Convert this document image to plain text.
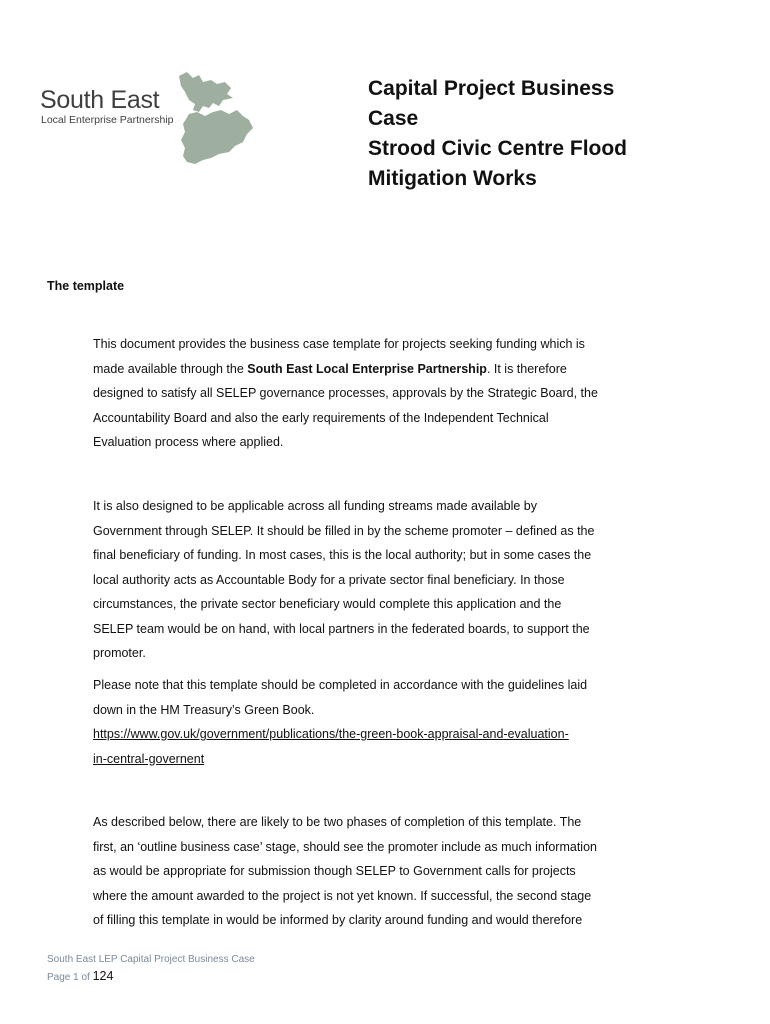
South East
Local Enterprise Partnership
Capital Project Business
Case
Strood Civic Centre Flood
Mitigation Works
The template
This document provides the business case template for projects seeking funding which is
made available through the South East Local Enterprise Partnership. It is therefore
designed to satisfy all SELEP governance processes, approvals by the Strategic Board, the
Accountability Board and also the early requirements of the Independent Technical
Evaluation process where applied.
It is also designed to be applicable across all funding streams made available by
Government through SELEP. It should be filled in by the scheme promoter – defined as the
final beneficiary of funding. In most cases, this is the local authority; but in some cases the
local authority acts as Accountable Body for a private sector final beneficiary. In those
circumstances, the private sector beneficiary would complete this application and the
SELEP team would be on hand, with local partners in the federated boards, to support the
promoter.
Please note that this template should be completed in accordance with the guidelines laid
down in the HM Treasury’s Green Book.
https://www.gov.uk/government/publications/the-green-book-appraisal-and-evaluation-
in-central-governent
As described below, there are likely to be two phases of completion of this template. The
first, an ‘outline business case’ stage, should see the promoter include as much information
as would be appropriate for submission though SELEP to Government calls for projects
where the amount awarded to the project is not yet known. If successful, the second stage
of filling this template in would be informed by clarity around funding and would therefore
South East LEP Capital Project Business Case
Page 1 of 124
